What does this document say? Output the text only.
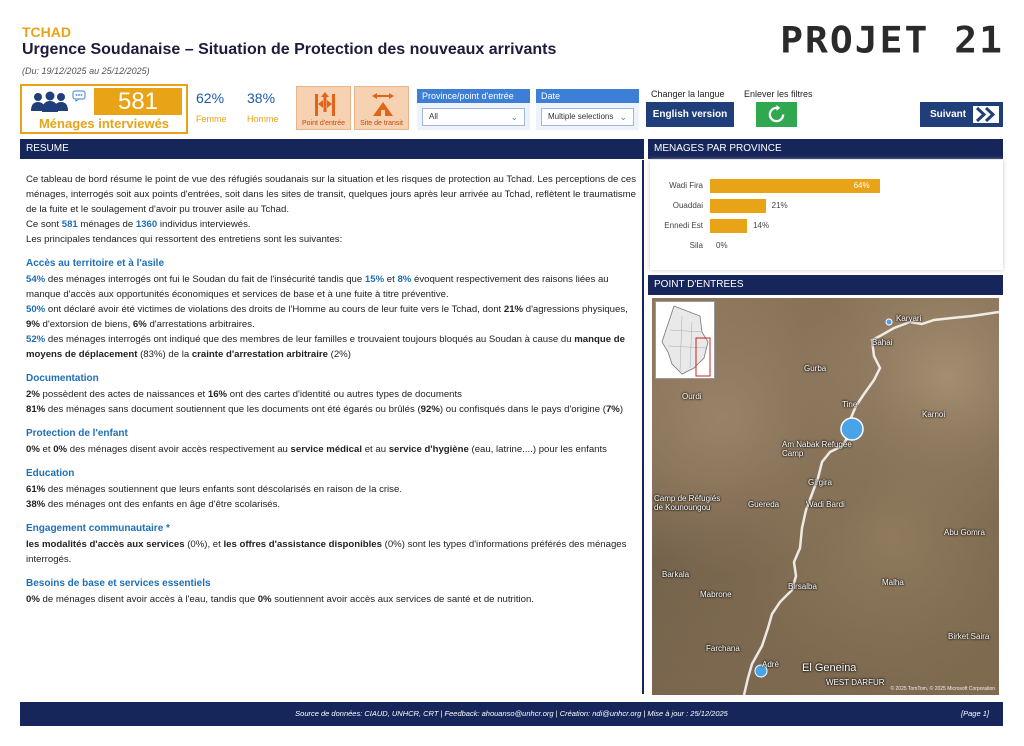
TCHAD
Urgence Soudanaise – Situation de Protection des nouveaux arrivants
(Du: 19/12/2025 au 25/12/2025)
PROJET 21
581
Ménages interviewés
62%
Femme
38%
Homme	Point d'entrée	Site de transit
Province/point d'entrée
All	⌄
Date
Multiple selections ⌄
Changer la langue
English version
Enlever les filtres
Suivant
RESUME

Ce tableau de bord résume le point de vue des réfugiés soudanais sur la situation et les risques de protection au Tchad. Les perceptions de ces ménages, interrogés soit aux points d'entrées, soit dans les sites de transit, quelques jours après leur arrivée au Tchad, reflètent le traumatisme de la fuite et le soulagement d'avoir pu trouver asile au Tchad.

Ce sont 581 ménages de 1360 individus interviewés.

Les principales tendances qui ressortent des entretiens sont les suivantes:

Accès au territoire et à l'asile

54% des ménages interrogés ont fui le Soudan du fait de l'insécurité tandis que 15% et 8% évoquent respectivement des raisons liées au manque d'accès aux opportunités économiques et services de base et à une fuite à titre préventive.

50% ont déclaré avoir été victimes de violations des droits de l'Homme au cours de leur fuite vers le Tchad, dont 21% d'agressions physiques, 9% d'extorsion de biens, 6% d'arrestations arbitraires.

52% des ménages interrogés ont indiqué que des membres de leur familles e trouvaient toujours bloqués au Soudan à cause du manque de moyens de déplacement (83%) de la crainte d'arrestation arbitraire (2%)

Documentation

2% possèdent des actes de naissances et 16% ont des cartes d'identité ou autres types de documents

81% des ménages sans document soutiennent que les documents ont été égarés ou brûlés (92%) ou confisqués dans le pays d'origine (7%)

Protection de l'enfant

0% et 0% des ménages disent avoir accès respectivement au service médical et au service d'hygiène (eau, latrine....) pour les enfants

Education

61% des ménages soutiennent que leurs enfants sont déscolarisés en raison de la crise.

38% des ménages ont des enfants en âge d'être scolarisés.

Engagement communautaire *

les modalités d'accès aux services (0%), et les offres d'assistance disponibles (0%) sont les types d'informations préférés des ménages interrogés.

Besoins de base et services essentiels

0% de ménages disent avoir accès à l'eau, tandis que 0% soutiennent avoir accès aux services de santé et de nutrition.

MENAGES PAR PROVINCE
Wadi Fira	64%
Ouaddai	21%
Ennedi Est	14%
Sila 0%
POINT D'ENTREES
Karyari
Bahai
Gurba
Ourdi
Tine
Karnoi
Am Nabak Refugee Camp
Girgira
Camp de Réfugiés de Kounoungou	Guereda	Wadi Bardi
Abu Gomra
Barkala
Birsalba	Malha
Mabrone
Birket Saira
Farchana
Adré El Geneina
WEST DARFUR
© 2025 TomTom, © 2025 Microsoft Corporation
Source de données: CIAUD, UNHCR, CRT | Feedback: ahouanso@unhcr.org | Création: ndi@unhcr.org | Mise à jour : 25/12/2025	[Page 1]
